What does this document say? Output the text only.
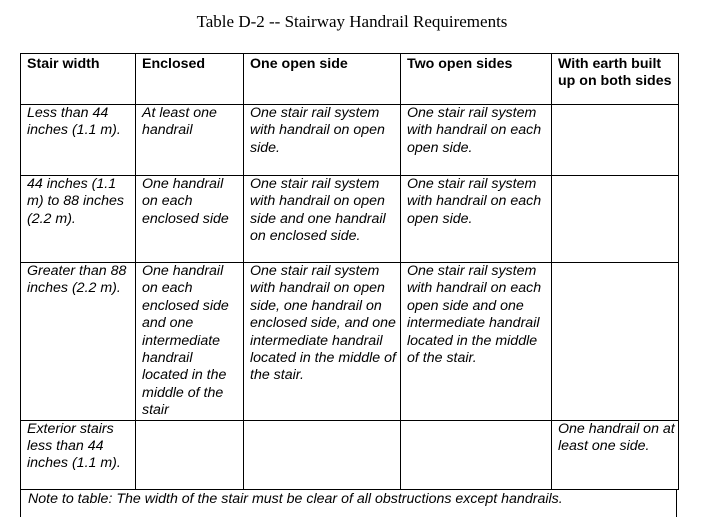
Table D-2 -- Stairway Handrail Requirements
Stair width	Enclosed	One open side	Two open sides	With earth built up on both sides
Less than 44 inches (1.1 m).	At least one handrail	One stair rail system with handrail on open side.	One stair rail system with handrail on each open side.	
44 inches (1.1 m) to 88 inches (2.2 m).	One handrail on each enclosed side	One stair rail system with handrail on open side and one handrail on enclosed side.	One stair rail system with handrail on each open side.	
Greater than 88 inches (2.2 m).	One handrail on each enclosed side and one intermediate handrail located in the middle of the stair	One stair rail system with handrail on open side, one handrail on enclosed side, and one intermediate handrail located in the middle of the stair.	One stair rail system with handrail on each open side and one intermediate handrail located in the middle of the stair.	
Exterior stairs less than 44 inches (1.1 m).				One handrail on at least one side.
Note to table: The width of the stair must be clear of all obstructions except handrails.
